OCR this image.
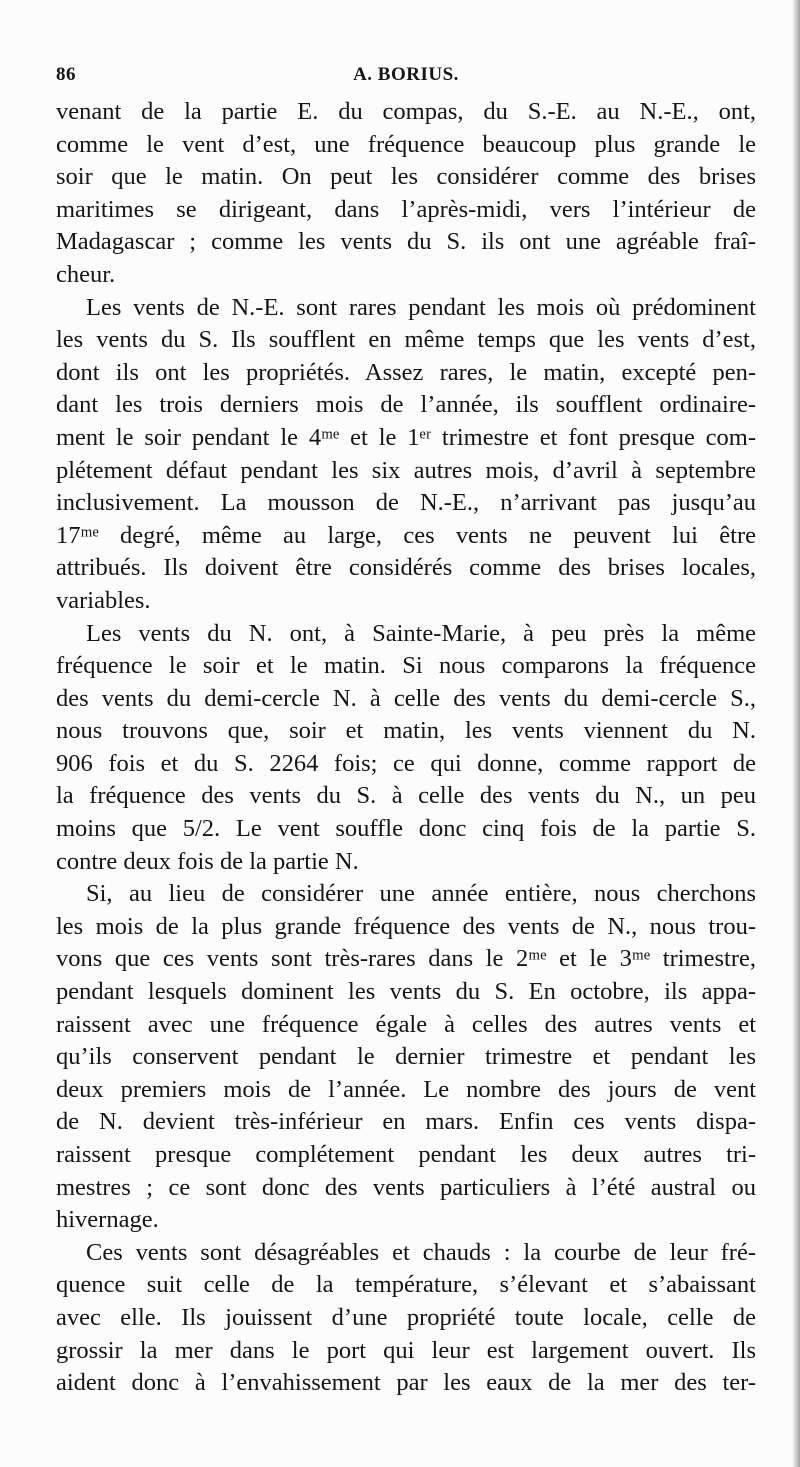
86	A. BORIUS.
venant de la partie E. du compas, du S.-E. au N.-E., ont,
comme le vent d’est, une fréquence beaucoup plus grande le
soir que le matin. On peut les considérer comme des brises
maritimes se dirigeant, dans l’après-midi, vers l’intérieur de
Madagascar ; comme les vents du S. ils ont une agréable fraî-
cheur.
Les vents de N.-E. sont rares pendant les mois où prédominent
les vents du S. Ils soufflent en même temps que les vents d’est,
dont ils ont les propriétés. Assez rares, le matin, excepté pen-
dant les trois derniers mois de l’année, ils soufflent ordinaire-
ment le soir pendant le 4ᵐᵉ et le 1ᵉʳ trimestre et font presque com-
plétement défaut pendant les six autres mois, d’avril à septembre
inclusivement. La mousson de N.-E., n’arrivant pas jusqu’au
17ᵐᵉ degré, même au large, ces vents ne peuvent lui être
attribués. Ils doivent être considérés comme des brises locales,
variables.
Les vents du N. ont, à Sainte-Marie, à peu près la même
fréquence le soir et le matin. Si nous comparons la fréquence
des vents du demi-cercle N. à celle des vents du demi-cercle S.,
nous trouvons que, soir et matin, les vents viennent du N.
906 fois et du S. 2264 fois; ce qui donne, comme rapport de
la fréquence des vents du S. à celle des vents du N., un peu
moins que 5/2. Le vent souffle donc cinq fois de la partie S.
contre deux fois de la partie N.
Si, au lieu de considérer une année entière, nous cherchons
les mois de la plus grande fréquence des vents de N., nous trou-
vons que ces vents sont très-rares dans le 2ᵐᵉ et le 3ᵐᵉ trimestre,
pendant lesquels dominent les vents du S. En octobre, ils appa-
raissent avec une fréquence égale à celles des autres vents et
qu’ils conservent pendant le dernier trimestre et pendant les
deux premiers mois de l’année. Le nombre des jours de vent
de N. devient très-inférieur en mars. Enfin ces vents dispa-
raissent presque complétement pendant les deux autres tri-
mestres ; ce sont donc des vents particuliers à l’été austral ou
hivernage.
Ces vents sont désagréables et chauds : la courbe de leur fré-
quence suit celle de la température, s’élevant et s’abaissant
avec elle. Ils jouissent d’une propriété toute locale, celle de
grossir la mer dans le port qui leur est largement ouvert. Ils
aident donc à l’envahissement par les eaux de la mer des ter-
